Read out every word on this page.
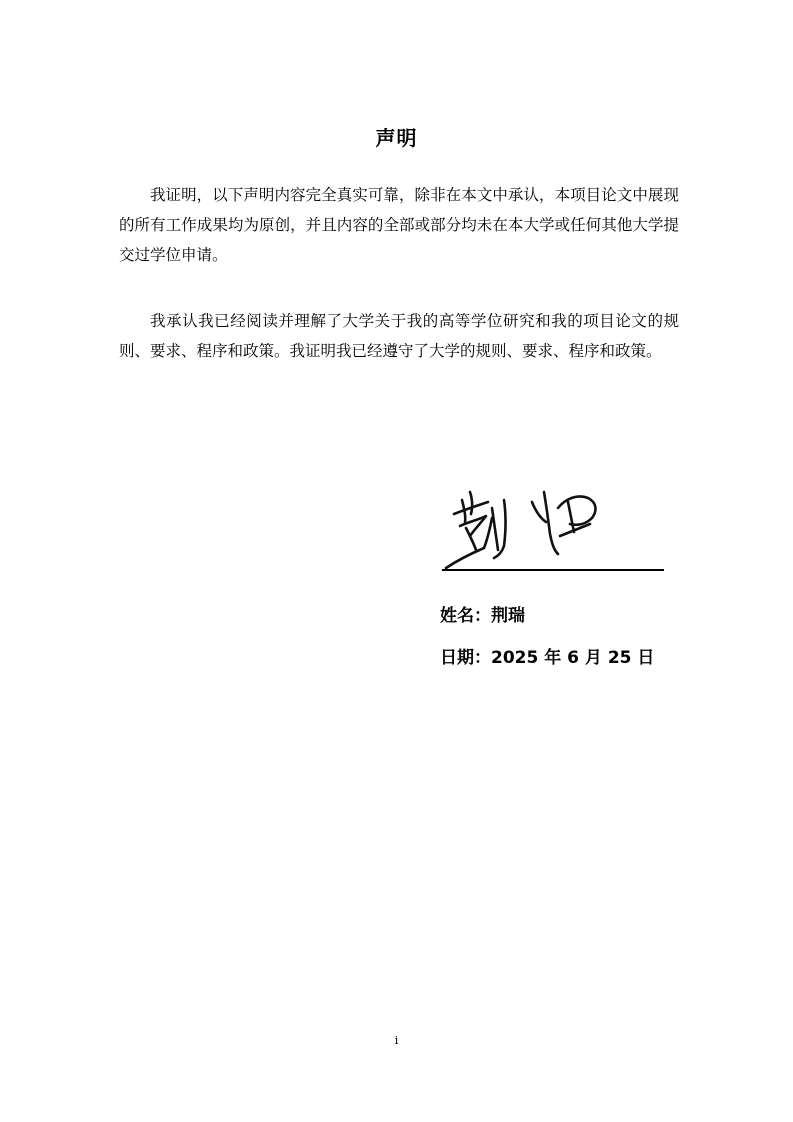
声明

我证明，以下声明内容完全真实可靠，除非在本文中承认，本项目论文中展现的所有工作成果均为原创，并且内容的全部或部分均未在本大学或任何其他大学提交过学位申请。

我承认我已经阅读并理解了大学关于我的高等学位研究和我的项目论文的规则、要求、程序和政策。我证明我已经遵守了大学的规则、要求、程序和政策。

姓名：荆瑞
日期：2025 年 6 月 25 日
i
